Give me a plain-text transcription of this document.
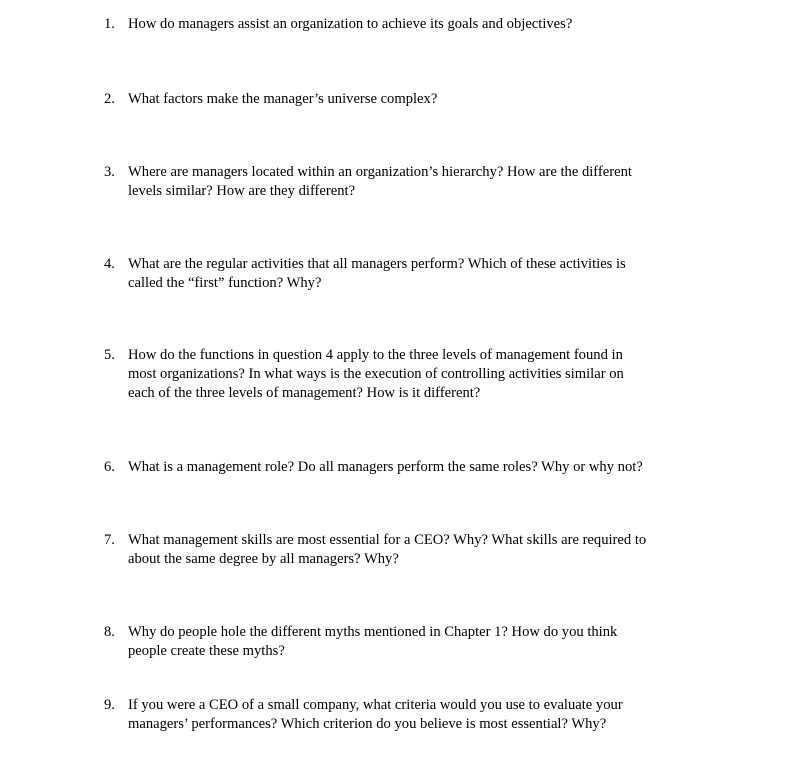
1. How do managers assist an organization to achieve its goals and objectives?
2. What factors make the manager’s universe complex?
3. Where are managers located within an organization’s hierarchy? How are the different
levels similar? How are they different?
4. What are the regular activities that all managers perform? Which of these activities is
called the “first” function? Why?
5. How do the functions in question 4 apply to the three levels of management found in
most organizations? In what ways is the execution of controlling activities similar on
each of the three levels of management? How is it different?
6. What is a management role? Do all managers perform the same roles? Why or why not?
7. What management skills are most essential for a CEO? Why? What skills are required to
about the same degree by all managers? Why?
8. Why do people hole the different myths mentioned in Chapter 1? How do you think
people create these myths?
9. If you were a CEO of a small company, what criteria would you use to evaluate your
managers’ performances? Which criterion do you believe is most essential? Why?
